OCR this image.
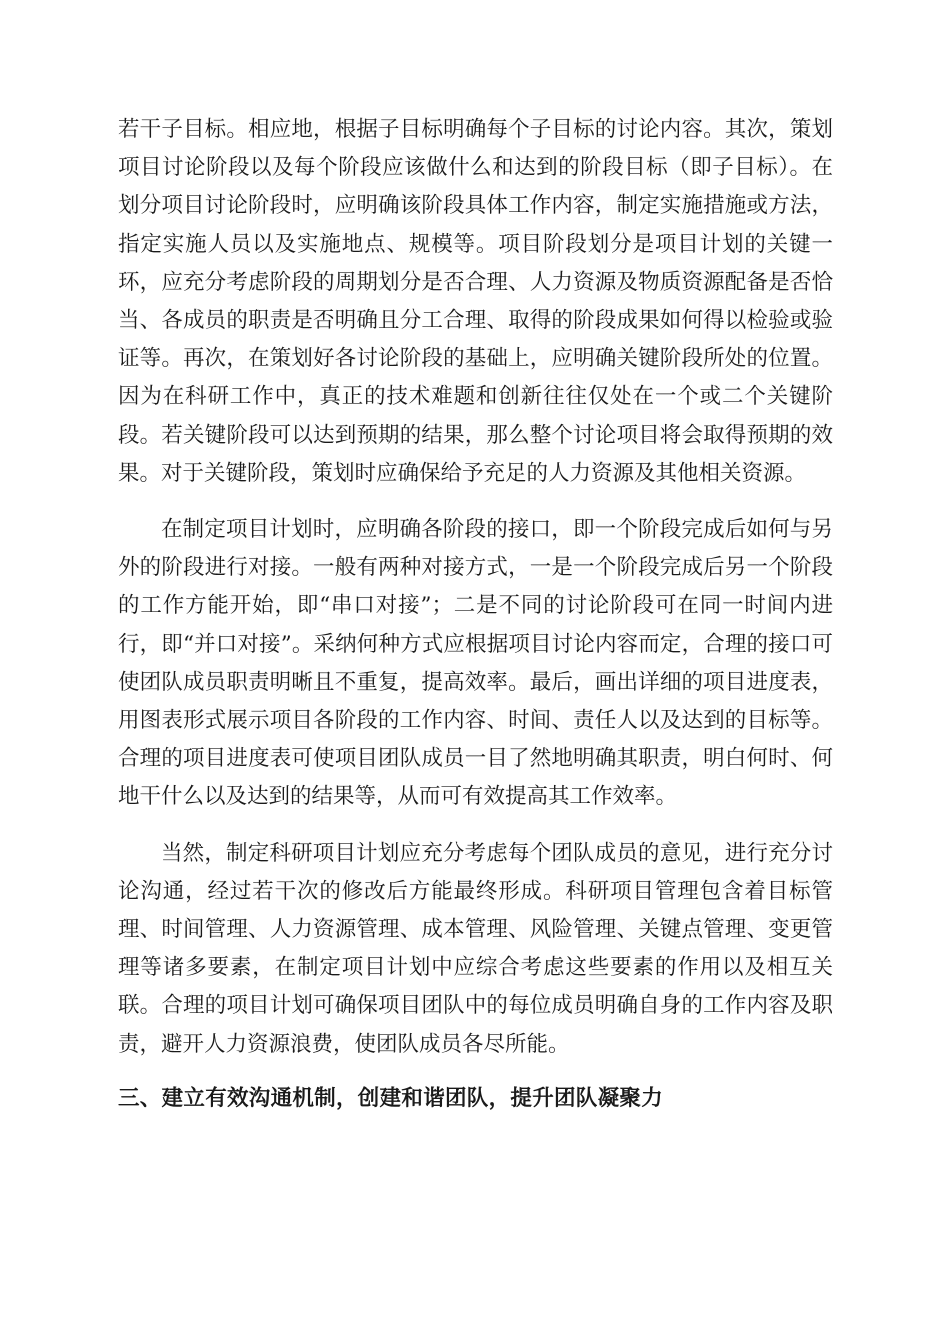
若干子目标。相应地，根据子目标明确每个子目标的讨论内容。其次，策划项目讨论阶段以及每个阶段应该做什么和达到的阶段目标（即子目标）。在划分项目讨论阶段时，应明确该阶段具体工作内容，制定实施措施或方法，指定实施人员以及实施地点、规模等。项目阶段划分是项目计划的关键一环，应充分考虑阶段的周期划分是否合理、人力资源及物质资源配备是否恰当、各成员的职责是否明确且分工合理、取得的阶段成果如何得以检验或验证等。再次，在策划好各讨论阶段的基础上，应明确关键阶段所处的位置。因为在科研工作中，真正的技术难题和创新往往仅处在一个或二个关键阶段。若关键阶段可以达到预期的结果，那么整个讨论项目将会取得预期的效果。对于关键阶段，策划时应确保给予充足的人力资源及其他相关资源。

在制定项目计划时，应明确各阶段的接口，即一个阶段完成后如何与另外的阶段进行对接。一般有两种对接方式，一是一个阶段完成后另一个阶段的工作方能开始，即“串口对接”；二是不同的讨论阶段可在同一时间内进行，即“并口对接”。采纳何种方式应根据项目讨论内容而定，合理的接口可使团队成员职责明晰且不重复，提高效率。最后，画出详细的项目进度表，用图表形式展示项目各阶段的工作内容、时间、责任人以及达到的目标等。合理的项目进度表可使项目团队成员一目了然地明确其职责，明白何时、何地干什么以及达到的结果等，从而可有效提高其工作效率。

当然，制定科研项目计划应充分考虑每个团队成员的意见，进行充分讨论沟通，经过若干次的修改后方能最终形成。科研项目管理包含着目标管理、时间管理、人力资源管理、成本管理、风险管理、关键点管理、变更管理等诸多要素，在制定项目计划中应综合考虑这些要素的作用以及相互关联。合理的项目计划可确保项目团队中的每位成员明确自身的工作内容及职责，避开人力资源浪费，使团队成员各尽所能。

三、建立有效沟通机制，创建和谐团队，提升团队凝聚力
